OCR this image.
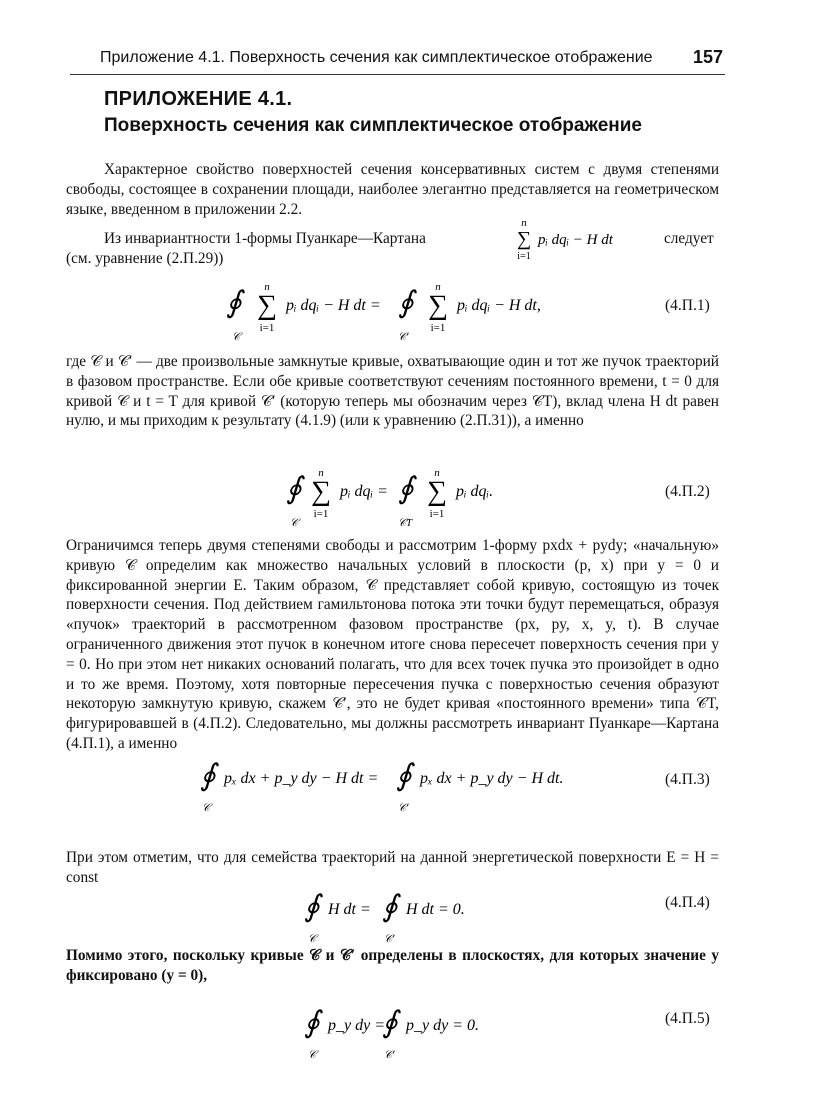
Приложение 4.1. Поверхность сечения как симплектическое отображение 157
ПРИЛОЖЕНИЕ 4.1.
Поверхность сечения как симплектическое отображение

Характерное свойство поверхностей сечения консервативных систем с двумя степенями свободы, состоящее в сохранении площади, наиболее элегантно представляется на геометрическом языке, введенном в приложении 2.2.

Из инвариантности 1-формы Пуанкаре—Картана
n
∑
i=1
pᵢ dqᵢ − H dt	следует
(см. уравнение (2.П.29))
∮
𝒞
n
∑
i=1
pᵢ dqᵢ − H dt = ∮
𝒞′
n
∑
i=1
pᵢ dqᵢ − H dt,	(4.П.1)

где 𝒞 и 𝒞′ — две произвольные замкнутые кривые, охватывающие один и тот же пучок траекторий в фазовом пространстве. Если обе кривые соответствуют сечениям постоянного времени, t = 0 для кривой 𝒞 и t = T для кривой 𝒞′ (которую теперь мы обозначим через 𝒞T), вклад члена H dt равен нулю, и мы приходим к результату (4.1.9) (или к уравнению (2.П.31)), а именно

∮
𝒞
n
∑
i=1
pᵢ dqᵢ = ∮
𝒞T
n
∑
i=1
pᵢ dqᵢ.	(4.П.2)

Ограничимся теперь двумя степенями свободы и рассмотрим 1-форму pxdx + pydy; «начальную» кривую 𝒞 определим как множество начальных условий в плоскости (p, x) при y = 0 и фиксированной энергии E. Таким образом, 𝒞 представляет собой кривую, состоящую из точек поверхности сечения. Под действием гамильтонова потока эти точки будут перемещаться, образуя «пучок» траекторий в рассмотренном фазовом пространстве (px, py, x, y, t). В случае ограниченного движения этот пучок в конечном итоге снова пересечет поверхность сечения при y = 0. Но при этом нет никаких оснований полагать, что для всех точек пучка это произойдет в одно и то же время. Поэтому, хотя повторные пересечения пучка с поверхностью сечения образуют некоторую замкнутую кривую, скажем 𝒞′, это не будет кривая «постоянного времени» типа 𝒞T, фигурировавшей в (4.П.2). Следовательно, мы должны рассмотреть инвариант Пуанкаре—Картана (4.П.1), а именно

∮
𝒞
pₓ dx + p_y dy − H dt = ∮
𝒞′
pₓ dx + p_y dy − H dt.	(4.П.3)

При этом отметим, что для семейства траекторий на данной энергетической поверхности E = H = const

∮
𝒞
H dt = ∮
𝒞′
H dt = 0.	(4.П.4)

Помимо этого, поскольку кривые 𝒞 и 𝒞′ определены в плоскостях, для которых значение y фиксировано (y = 0),

∮
𝒞
p_y dy =
∮
𝒞′
p_y dy = 0.	(4.П.5)
